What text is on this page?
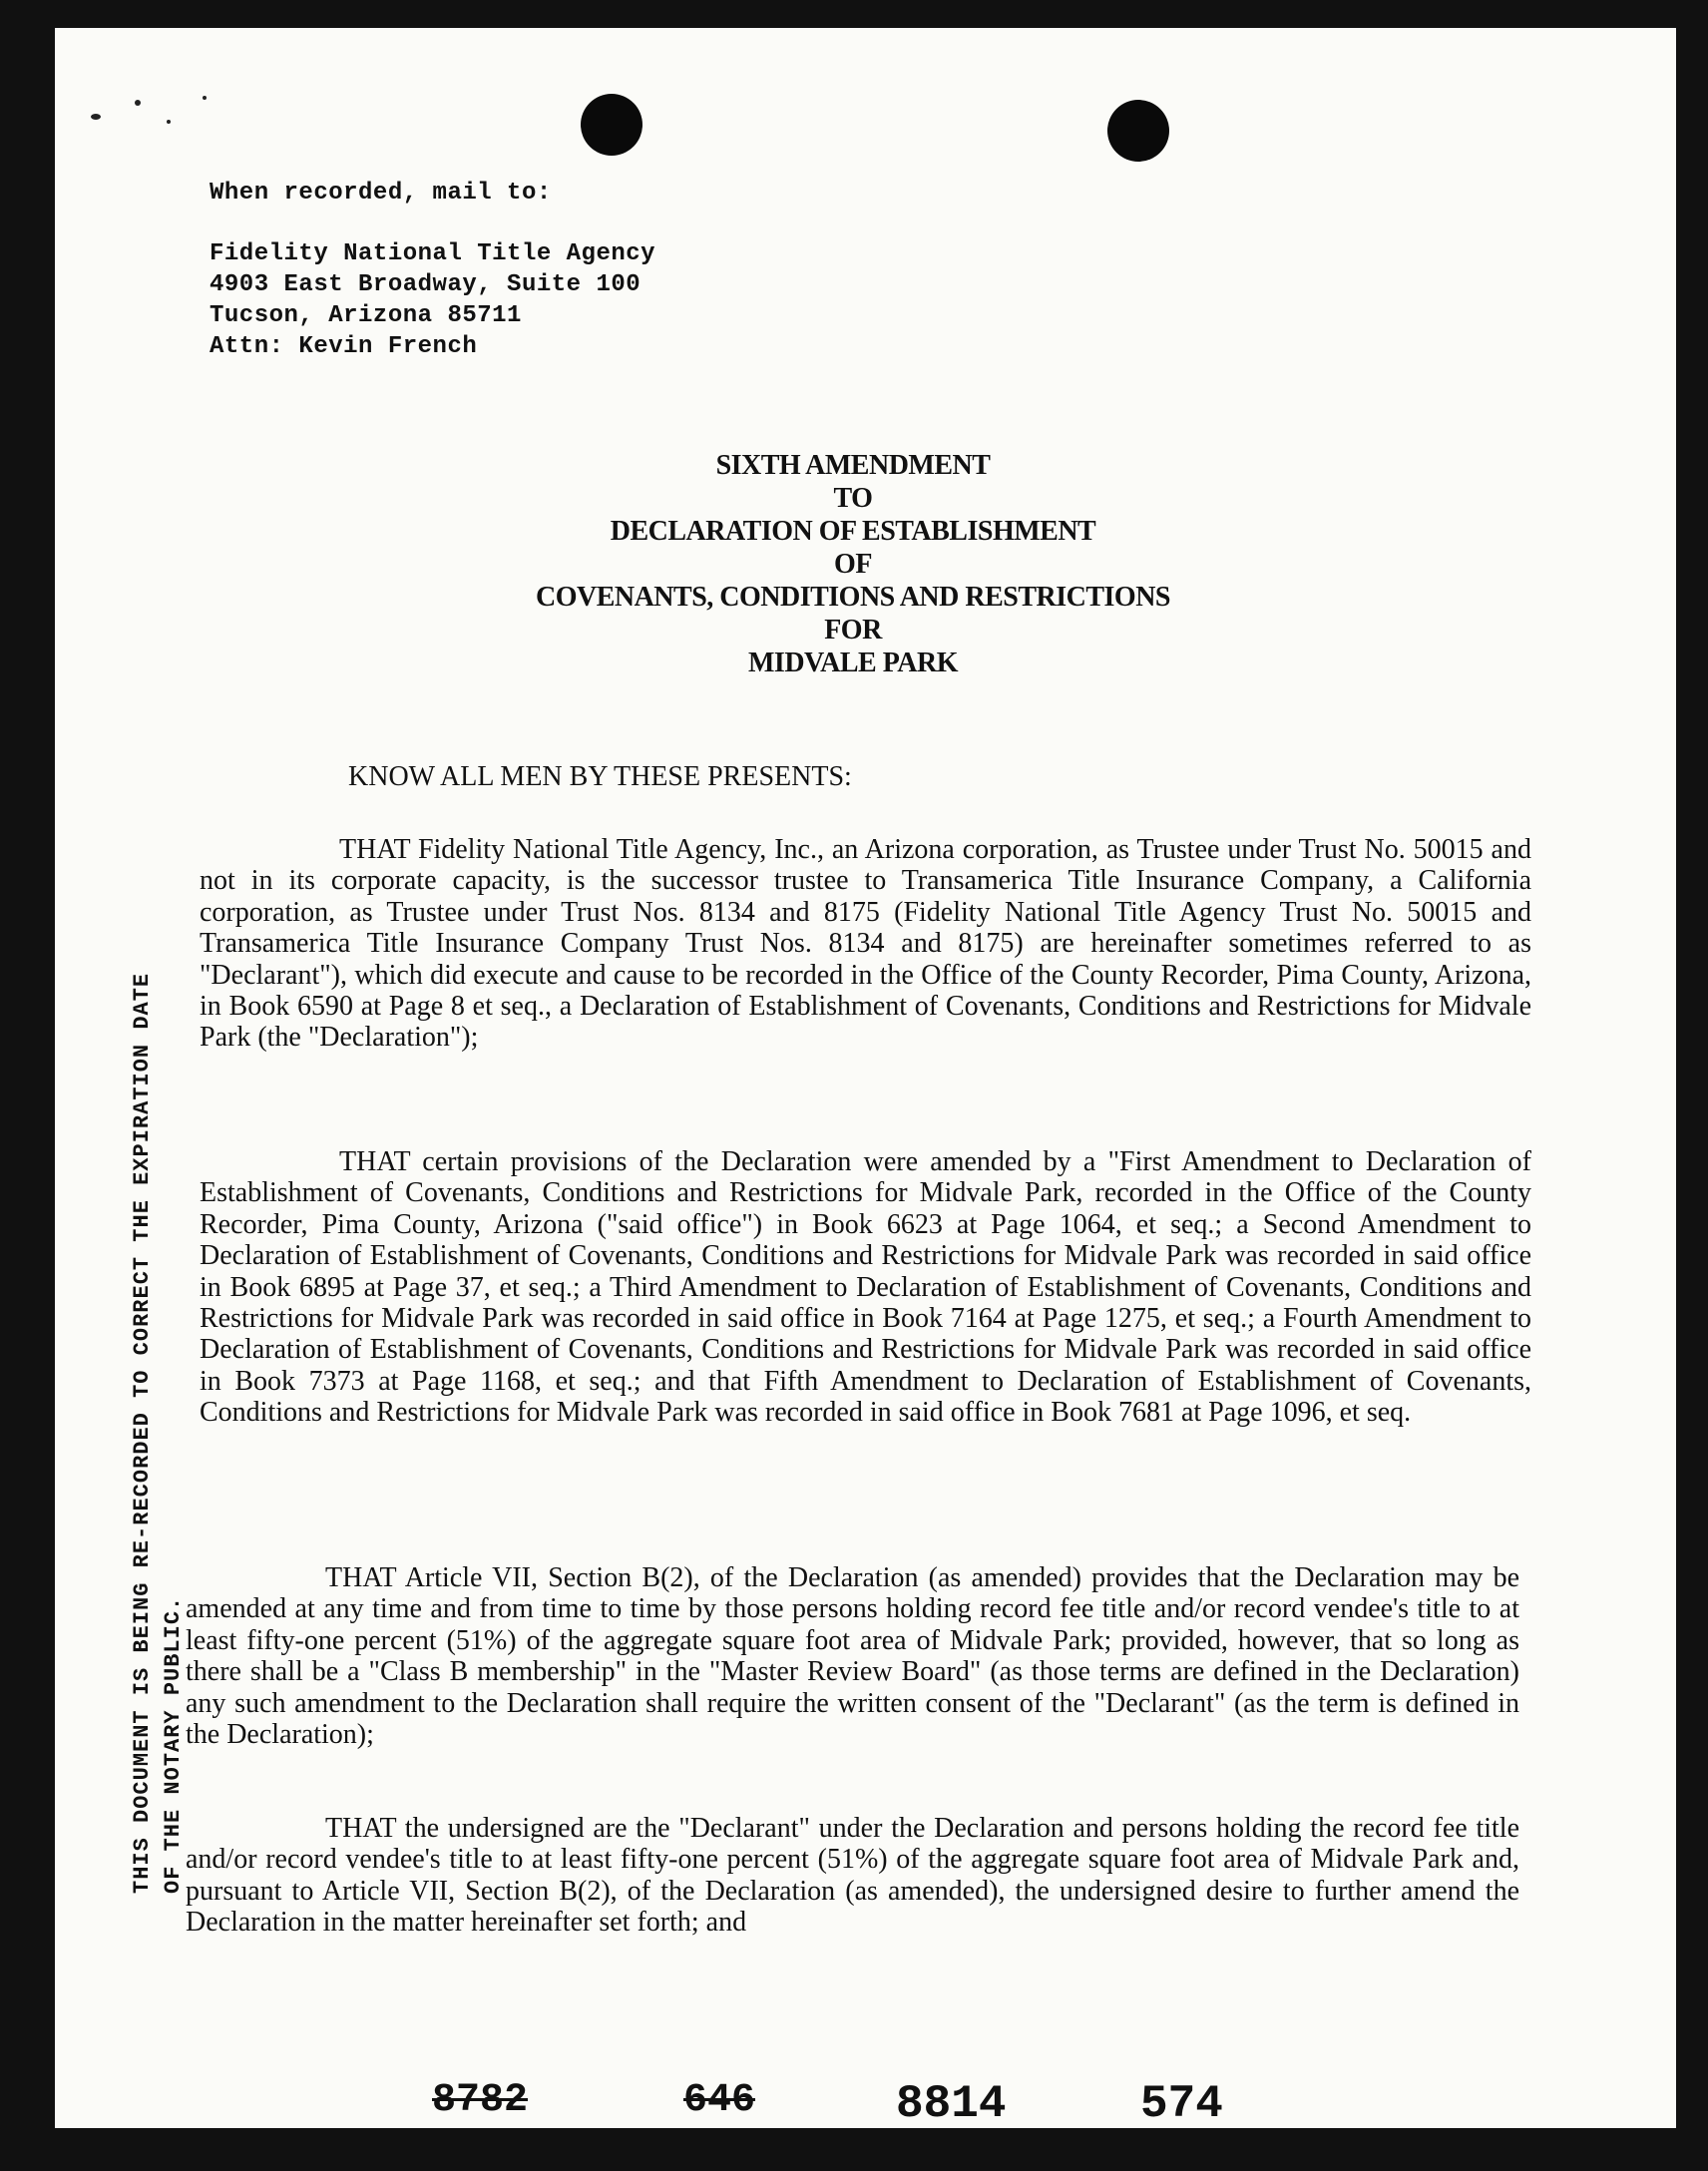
When recorded, mail to:
Fidelity National Title Agency
4903 East Broadway, Suite 100
Tucson, Arizona 85711
Attn: Kevin French
SIXTH AMENDMENT
TO
DECLARATION OF ESTABLISHMENT
OF
COVENANTS, CONDITIONS AND RESTRICTIONS
FOR
MIDVALE PARK
KNOW ALL MEN BY THESE PRESENTS:

THAT Fidelity National Title Agency, Inc., an Arizona corporation, as Trustee under Trust No. 50015 and not in its corporate capacity, is the successor trustee to Transamerica Title Insurance Company, a California corporation, as Trustee under Trust Nos. 8134 and 8175 (Fidelity National Title Agency Trust No. 50015 and Transamerica Title Insurance Company Trust Nos. 8134 and 8175) are hereinafter sometimes referred to as "Declarant"), which did execute and cause to be recorded in the Office of the County Recorder, Pima County, Arizona, in Book 6590 at Page 8 et seq., a Declaration of Establishment of Covenants, Conditions and Restrictions for Midvale Park (the "Declaration");

THAT certain provisions of the Declaration were amended by a "First Amendment to Declaration of Establishment of Covenants, Conditions and Restrictions for Midvale Park, recorded in the Office of the County Recorder, Pima County, Arizona ("said office") in Book 6623 at Page 1064, et seq.; a Second Amendment to Declaration of Establishment of Covenants, Conditions and Restrictions for Midvale Park was recorded in said office in Book 6895 at Page 37, et seq.; a Third Amendment to Declaration of Establishment of Covenants, Conditions and Restrictions for Midvale Park was recorded in said office in Book 7164 at Page 1275, et seq.; a Fourth Amendment to Declaration of Establishment of Covenants, Conditions and Restrictions for Midvale Park was recorded in said office in Book 7373 at Page 1168, et seq.; and that Fifth Amendment to Declaration of Establishment of Covenants, Conditions and Restrictions for Midvale Park was recorded in said office in Book 7681 at Page 1096, et seq.

THAT Article VII, Section B(2), of the Declaration (as amended) provides that the Declaration may be amended at any time and from time to time by those persons holding record fee title and/or record vendee's title to at least fifty-one percent (51%) of the aggregate square foot area of Midvale Park; provided, however, that so long as there shall be a "Class B membership" in the "Master Review Board" (as those terms are defined in the Declaration) any such amendment to the Declaration shall require the written consent of the "Declarant" (as the term is defined in the Declaration);

THAT the undersigned are the "Declarant" under the Declaration and persons holding the record fee title and/or record vendee's title to at least fifty-one percent (51%) of the aggregate square foot area of Midvale Park and, pursuant to Article VII, Section B(2), of the Declaration (as amended), the undersigned desire to further amend the Declaration in the matter hereinafter set forth; and

THIS DOCUMENT IS BEING RE-RECORDED TO CORRECT THE EXPIRATION DATE OF THE NOTARY PUBLIC.
8782	646	8814	574
